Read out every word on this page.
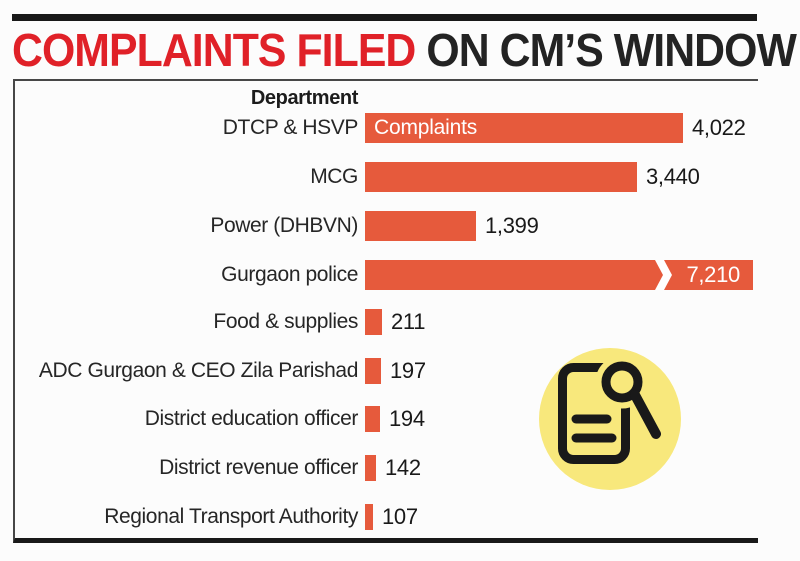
COMPLAINTS FILED ON CM’S WINDOW
Department
DTCP & HSVP Complaints	4,022
MCG	3,440
Power (DHBVN)	1,399
Gurgaon police	7,210
Food & supplies 211
ADC Gurgaon & CEO Zila Parishad 197
District education officer 194
District revenue officer 142
Regional Transport Authority 107
